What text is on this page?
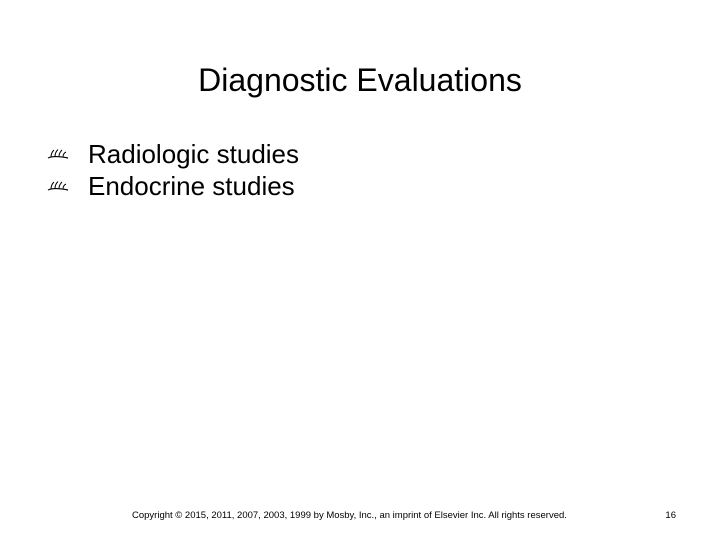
Diagnostic Evaluations
Radiologic studies
Endocrine studies
Copyright © 2015, 2011, 2007, 2003, 1999 by Mosby, Inc., an imprint of Elsevier Inc. All rights reserved.	16
